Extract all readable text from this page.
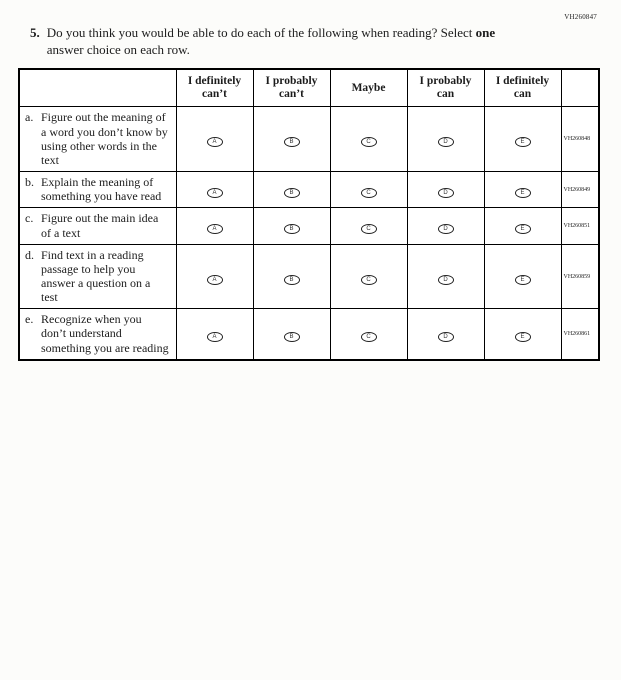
VH260847
5. Do you think you would be able to do each of the following when reading? Select one
answer choice on each row.
	I definitely can’t	I probably can’t	Maybe	I probably can	I definitely can	

a. Figure out the meaning of a word you don’t know by using other words in the text	A	B	C	D	E	VH260848

b. Explain the meaning of something you have read	A	B	C	D	E	VH260849

c. Figure out the main idea of a text	A	B	C	D	E	VH260851

d. Find text in a reading passage to help you answer a question on a test	A	B	C	D	E	VH260859

e. Recognize when you don’t understand something you are reading	A	B	C	D	E	VH260861
